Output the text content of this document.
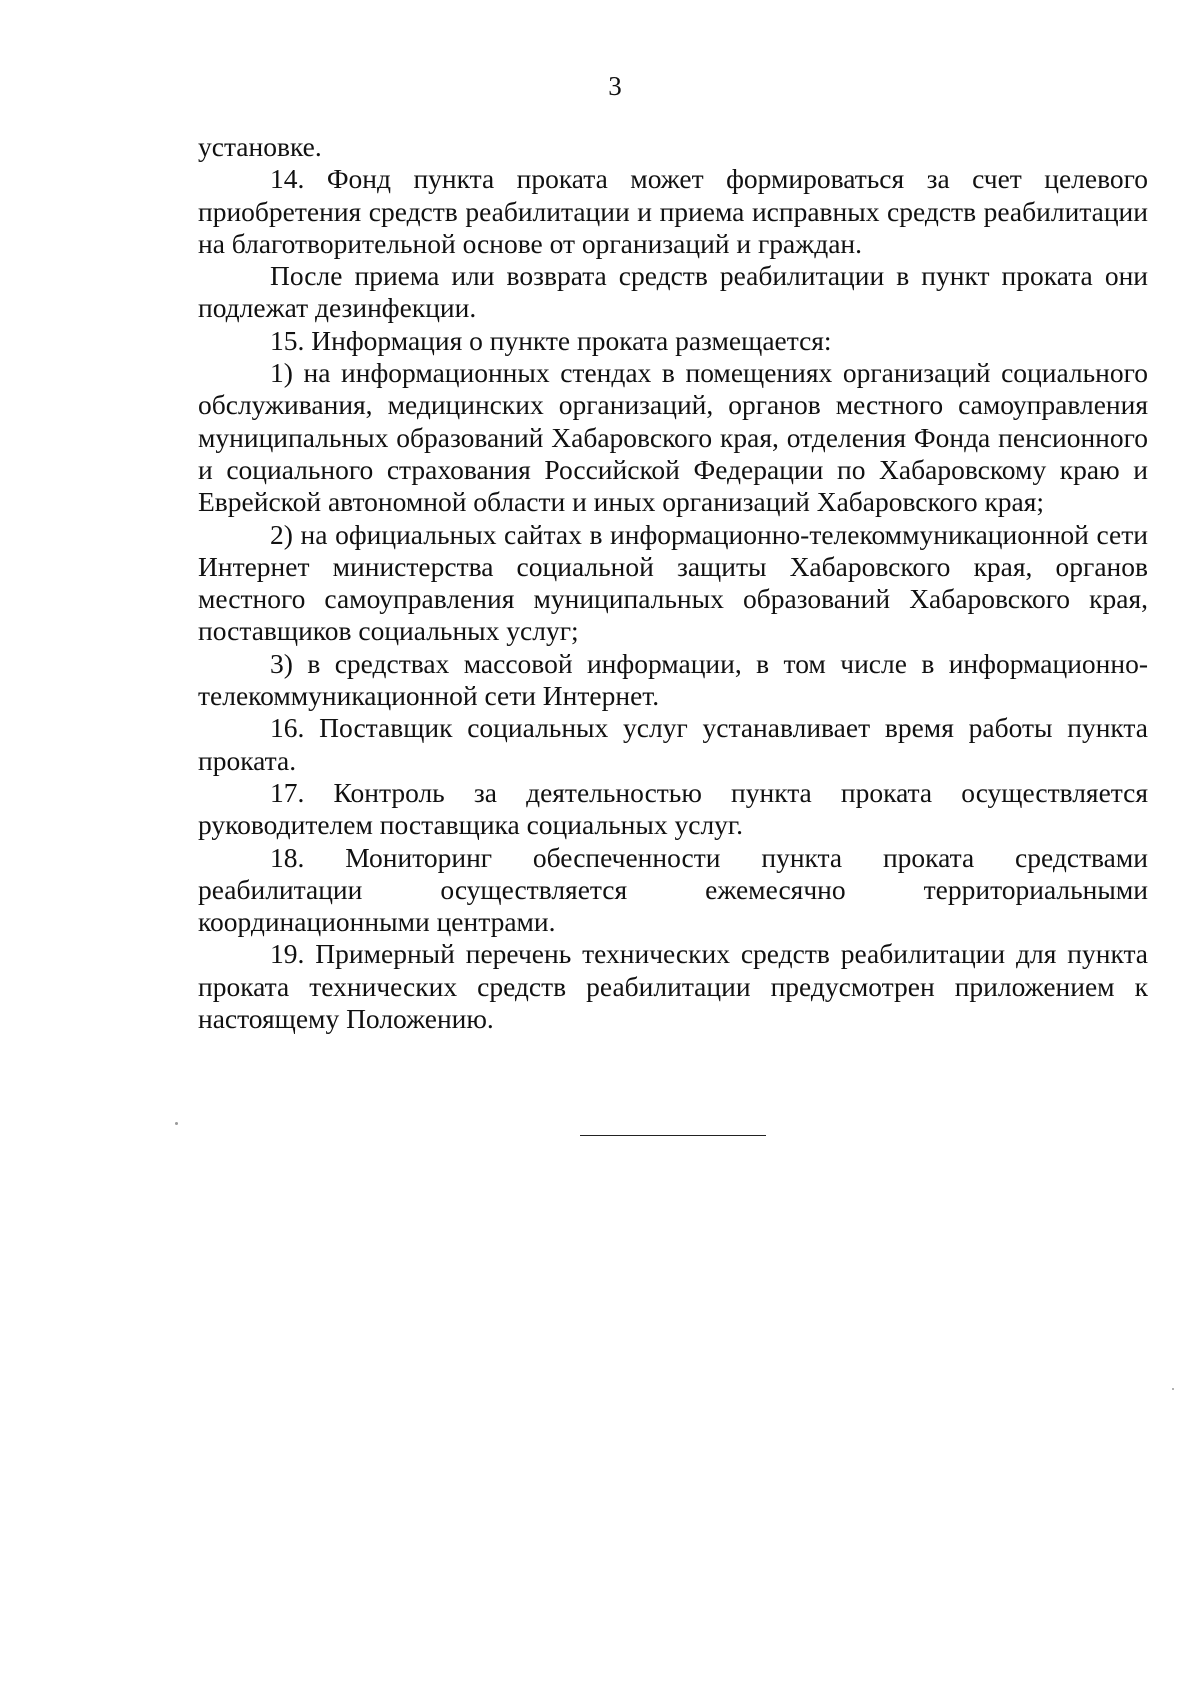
3

установке.

14. Фонд пункта проката может формироваться за счет целевого приобретения средств реабилитации и приема исправных средств реабилитации на благотворительной основе от организаций и граждан.

После приема или возврата средств реабилитации в пункт проката они подлежат дезинфекции.

15. Информация о пункте проката размещается:

1) на информационных стендах в помещениях организаций социального обслуживания, медицинских организаций, органов местного самоуправления муниципальных образований Хабаровского края, отделения Фонда пенсионного и социального страхования Российской Федерации по Хабаровскому краю и Еврейской автономной области и иных организаций Хабаровского края;

2) на официальных сайтах в информационно-телекоммуникационной сети Интернет министерства социальной защиты Хабаровского края, органов местного самоуправления муниципальных образований Хабаровского края, поставщиков социальных услуг;

3) в средствах массовой информации, в том числе в информационно-телекоммуникационной сети Интернет.

16. Поставщик социальных услуг устанавливает время работы пункта проката.

17. Контроль за деятельностью пункта проката осуществляется руководителем поставщика социальных услуг.

18. Мониторинг обеспеченности пункта проката средствами реабилитации осуществляется ежемесячно территориальными координационными центрами.

19. Примерный перечень технических средств реабилитации для пункта проката технических средств реабилитации предусмотрен приложением к настоящему Положению.
